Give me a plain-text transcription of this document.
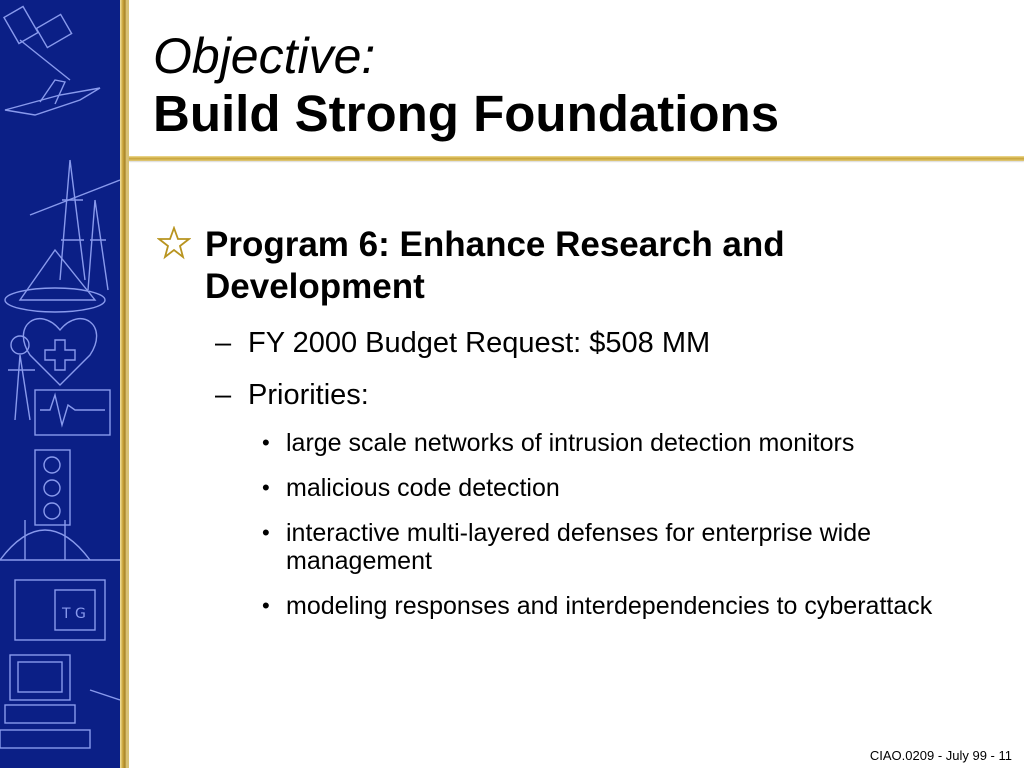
T G
Objective:
Build Strong Foundations
Program 6: Enhance Research and Development
– FY 2000 Budget Request: $508 MM
– Priorities:
• large scale networks of intrusion detection monitors
• malicious code detection
• interactive multi-layered defenses for enterprise wide management
• modeling responses and interdependencies to cyberattack
CIAO.0209 - July 99 - 11
